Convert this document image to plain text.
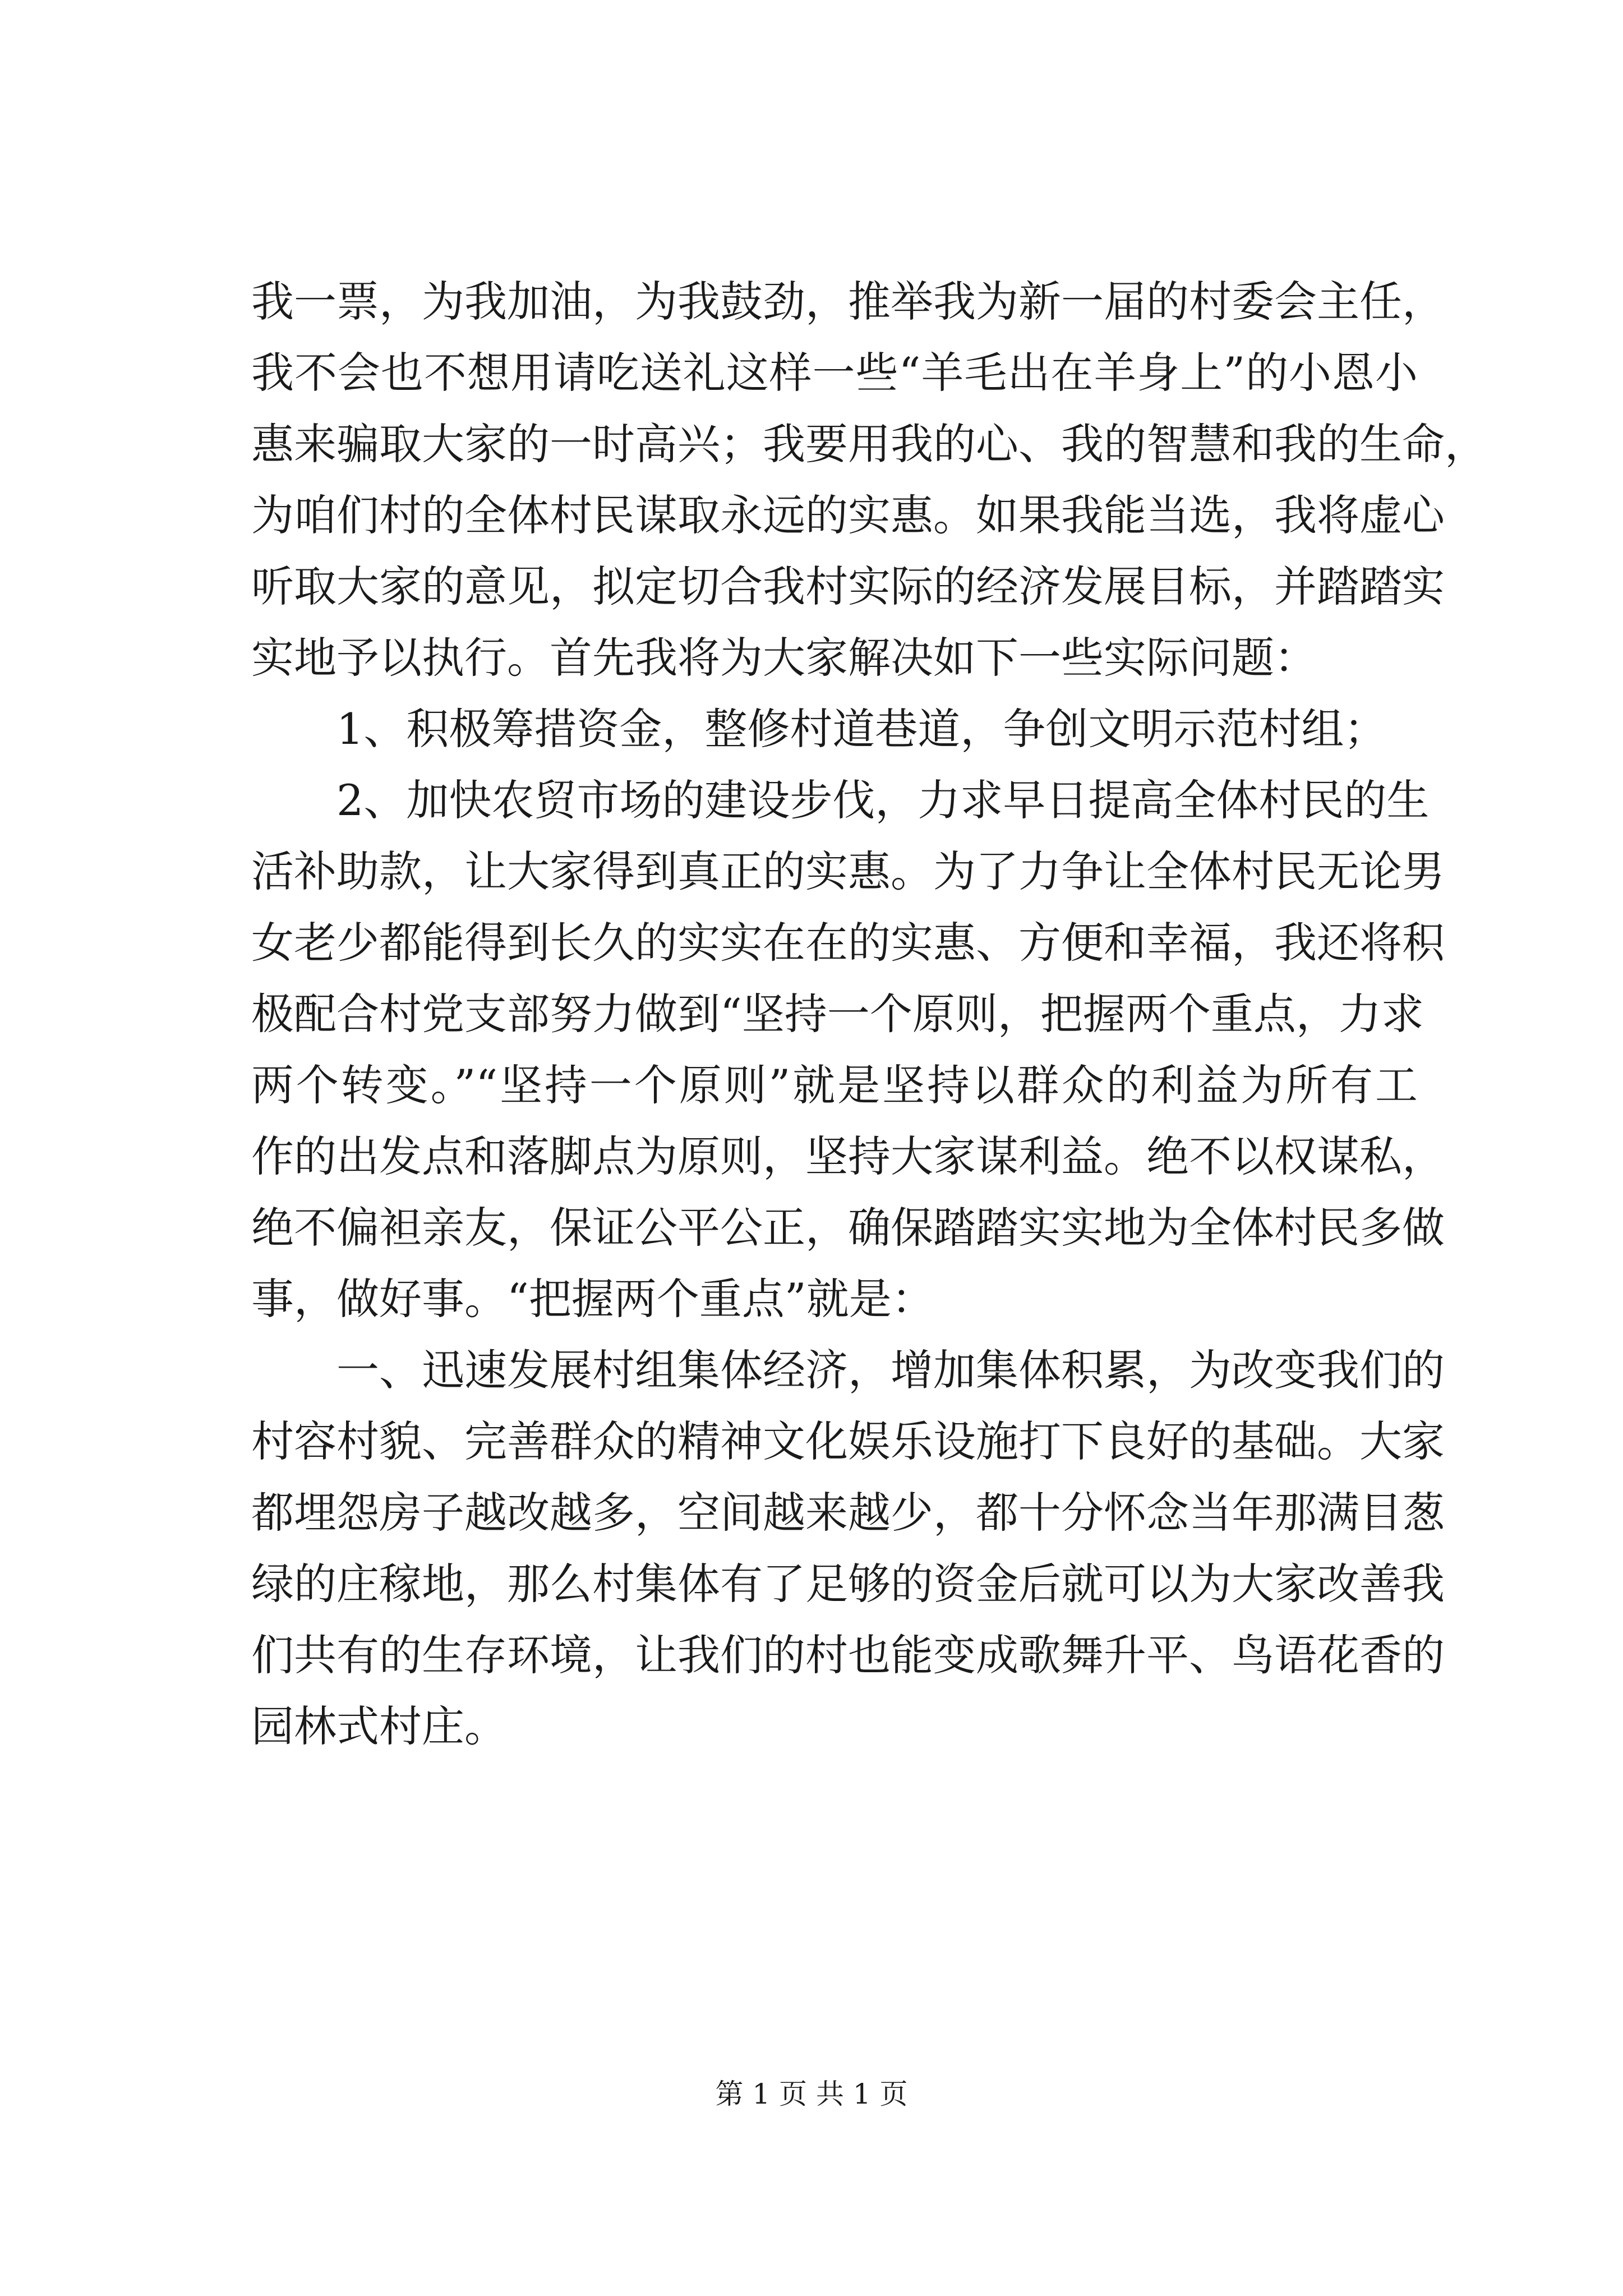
我一票，为我加油，为我鼓劲，推举我为新一届的村委会主任，
我不会也不想用请吃送礼这样一些“羊毛出在羊身上”的小恩小
惠来骗取大家的一时高兴；我要用我的心、我的智慧和我的生命，
为咱们村的全体村民谋取永远的实惠。如果我能当选，我将虚心
听取大家的意见，拟定切合我村实际的经济发展目标，并踏踏实
实地予以执行。首先我将为大家解决如下一些实际问题：
1、积极筹措资金，整修村道巷道，争创文明示范村组；
2、加快农贸市场的建设步伐，力求早日提高全体村民的生
活补助款，让大家得到真正的实惠。为了力争让全体村民无论男
女老少都能得到长久的实实在在的实惠、方便和幸福，我还将积
极配合村党支部努力做到“坚持一个原则，把握两个重点，力求
两个转变。”“坚持一个原则”就是坚持以群众的利益为所有工
作的出发点和落脚点为原则，坚持大家谋利益。绝不以权谋私，
绝不偏袒亲友，保证公平公正，确保踏踏实实地为全体村民多做
事，做好事。“把握两个重点”就是：
一、迅速发展村组集体经济，增加集体积累，为改变我们的
村容村貌、完善群众的精神文化娱乐设施打下良好的基础。大家
都埋怨房子越改越多，空间越来越少，都十分怀念当年那满目葱
绿的庄稼地，那么村集体有了足够的资金后就可以为大家改善我
们共有的生存环境，让我们的村也能变成歌舞升平、鸟语花香的
园林式村庄。
第 1 页 共 1 页
